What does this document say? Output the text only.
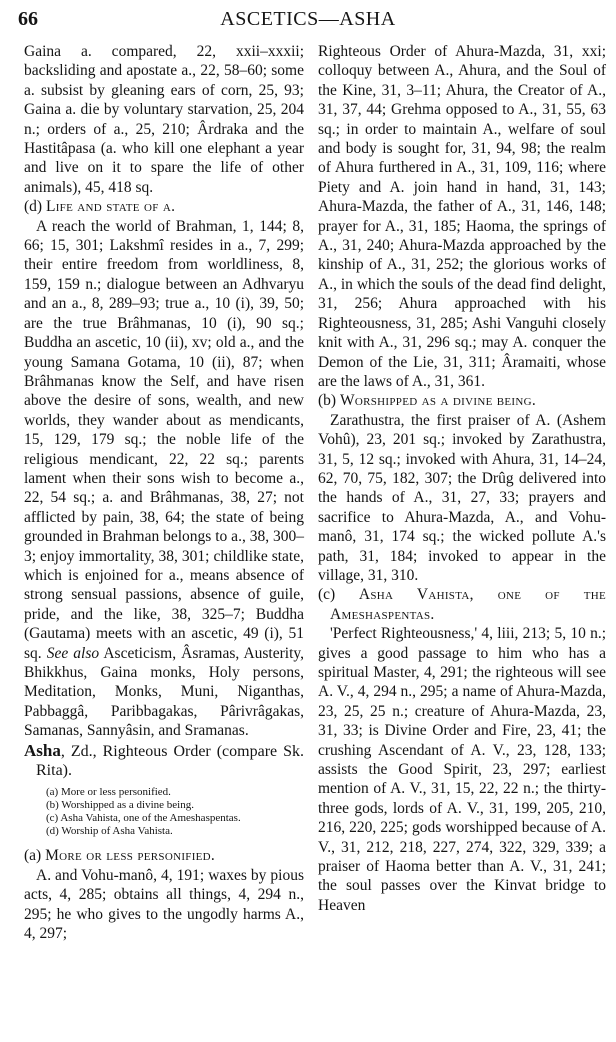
66	ASCETICS—ASHA

Gaina a. compared, 22, xxii–xxxii; backsliding and apostate a., 22, 58–60; some a. subsist by gleaning ears of corn, 25, 93; Gaina a. die by voluntary starvation, 25, 204 n.; orders of a., 25, 210; Ârdraka and the Hastitâpasa (a. who kill one elephant a year and live on it to spare the life of other animals), 45, 418 sq.

(d) Life and state of a.

A reach the world of Brahman, 1, 144; 8, 66; 15, 301; Lakshmî resides in a., 7, 299; their entire freedom from worldliness, 8, 159, 159 n.; dialogue between an Adhvaryu and an a., 8, 289–93; true a., 10 (i), 39, 50; are the true Brâhmanas, 10 (i), 90 sq.; Buddha an ascetic, 10 (ii), xv; old a., and the young Samana Gotama, 10 (ii), 87; when Brâhmanas know the Self, and have risen above the desire of sons, wealth, and new worlds, they wander about as mendicants, 15, 129, 179 sq.; the noble life of the religious mendicant, 22, 22 sq.; parents lament when their sons wish to become a., 22, 54 sq.; a. and Brâhmanas, 38, 27; not afflicted by pain, 38, 64; the state of being grounded in Brahman belongs to a., 38, 300–3; enjoy immortality, 38, 301; childlike state, which is enjoined for a., means absence of strong sensual passions, absence of guile, pride, and the like, 38, 325–7; Buddha (Gautama) meets with an ascetic, 49 (i), 51 sq. See also Asceticism, Âsramas, Austerity, Bhikkhus, Gaina monks, Holy persons, Meditation, Monks, Muni, Niganthas, Pabbaggâ, Paribbagakas, Pârivrâgakas, Samanas, Sannyâsin, and Sramanas.

Asha, Zd., Righteous Order (compare Sk. Rita).

(a) More or less personified.
(b) Worshipped as a divine being.
(c) Asha Vahista, one of the Ameshaspentas.
(d) Worship of Asha Vahista.

(a) More or less personified.

A. and Vohu-manô, 4, 191; waxes by pious acts, 4, 285; obtains all things, 4, 294 n., 295; he who gives to the ungodly harms A., 4, 297;

Righteous Order of Ahura-Mazda, 31, xxi; colloquy between A., Ahura, and the Soul of the Kine, 31, 3–11; Ahura, the Creator of A., 31, 37, 44; Grehma opposed to A., 31, 55, 63 sq.; in order to maintain A., welfare of soul and body is sought for, 31, 94, 98; the realm of Ahura furthered in A., 31, 109, 116; where Piety and A. join hand in hand, 31, 143; Ahura-Mazda, the father of A., 31, 146, 148; prayer for A., 31, 185; Haoma, the springs of A., 31, 240; Ahura-Mazda approached by the kinship of A., 31, 252; the glorious works of A., in which the souls of the dead find delight, 31, 256; Ahura approached with his Righteousness, 31, 285; Ashi Vanguhi closely knit with A., 31, 296 sq.; may A. conquer the Demon of the Lie, 31, 311; Âramaiti, whose are the laws of A., 31, 361.

(b) Worshipped as a divine being.

Zarathustra, the first praiser of A. (Ashem Vohû), 23, 201 sq.; invoked by Zarathustra, 31, 5, 12 sq.; invoked with Ahura, 31, 14–24, 62, 70, 75, 182, 307; the Drûg delivered into the hands of A., 31, 27, 33; prayers and sacrifice to Ahura-Mazda, A., and Vohu-manô, 31, 174 sq.; the wicked pollute A.'s path, 31, 184; invoked to appear in the village, 31, 310.

(c) Asha Vahista, one of the Ameshaspentas.

'Perfect Righteousness,' 4, liii, 213; 5, 10 n.; gives a good passage to him who has a spiritual Master, 4, 291; the righteous will see A. V., 4, 294 n., 295; a name of Ahura-Mazda, 23, 25, 25 n.; creature of Ahura-Mazda, 23, 31, 33; is Divine Order and Fire, 23, 41; the crushing Ascendant of A. V., 23, 128, 133; assists the Good Spirit, 23, 297; earliest mention of A. V., 31, 15, 22, 22 n.; the thirty-three gods, lords of A. V., 31, 199, 205, 210, 216, 220, 225; gods worshipped because of A. V., 31, 212, 218, 227, 274, 322, 329, 339; a praiser of Haoma better than A. V., 31, 241; the soul passes over the Kinvat bridge to Heaven
